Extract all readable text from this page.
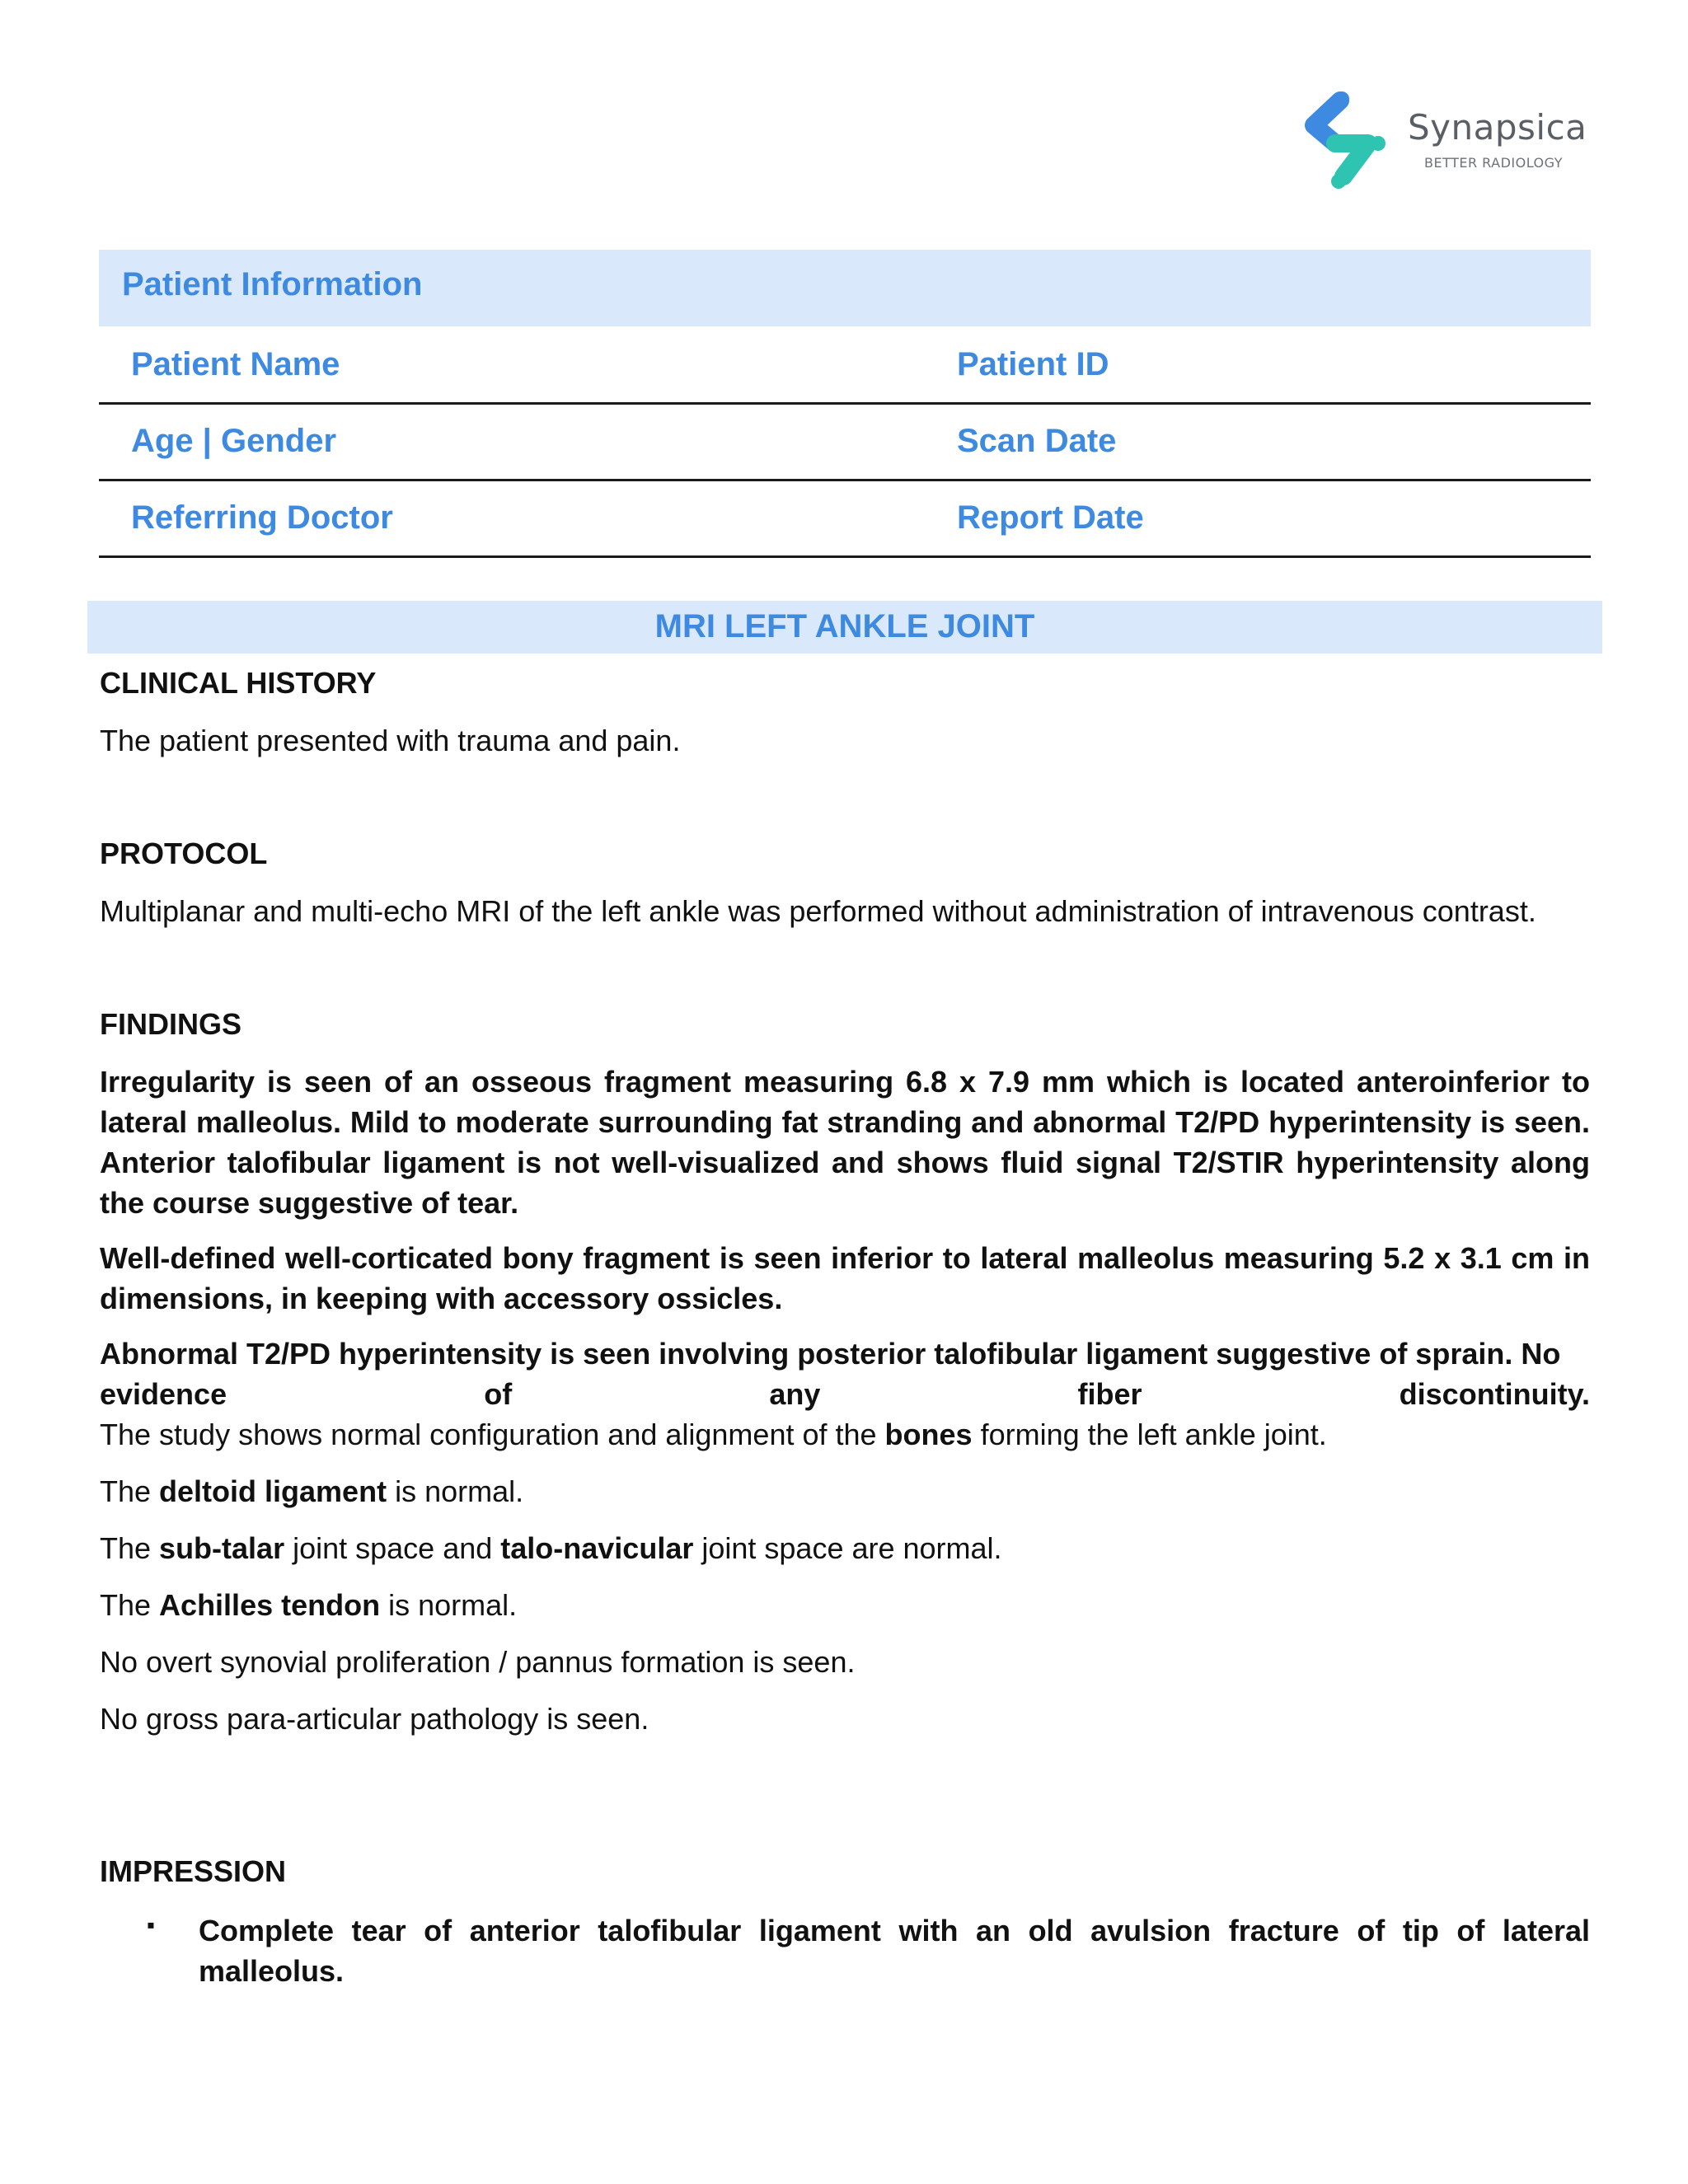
Synapsica
BETTER RADIOLOGY
Patient Information
Patient Name	Patient ID
Age | Gender	Scan Date
Referring Doctor	Report Date
MRI LEFT ANKLE JOINT
CLINICAL HISTORY
The patient presented with trauma and pain.
PROTOCOL
Multiplanar and multi-echo MRI of the left ankle was performed without administration of intravenous contrast.
FINDINGS
Irregularity is seen of an osseous fragment measuring 6.8 x 7.9 mm which is located anteroinferior to lateral malleolus. Mild to moderate surrounding fat stranding and abnormal T2/PD hyperintensity is seen. Anterior talofibular ligament is not well-visualized and shows fluid signal T2/STIR hyperintensity along the course suggestive of tear.
Well-defined well-corticated bony fragment is seen inferior to lateral malleolus measuring 5.2 x 3.1 cm in dimensions, in keeping with accessory ossicles.
Abnormal T2/PD hyperintensity is seen involving posterior talofibular ligament suggestive of sprain. No
evidence of any fiber discontinuity.
The study shows normal configuration and alignment of the bones forming the left ankle joint.
The deltoid ligament is normal.
The sub-talar joint space and talo-navicular joint space are normal.
The Achilles tendon is normal.
No overt synovial proliferation / pannus formation is seen.
No gross para-articular pathology is seen.
IMPRESSION
▪ Complete tear of anterior talofibular ligament with an old avulsion fracture of tip of lateral malleolus.
